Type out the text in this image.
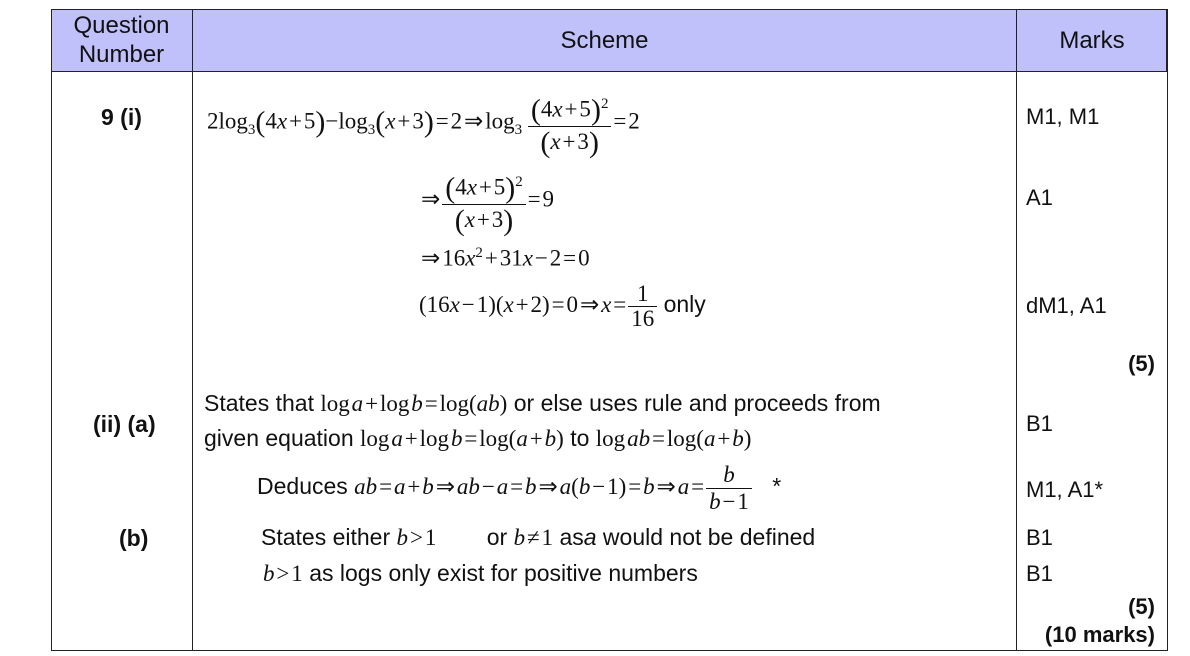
Question Number
Scheme	Marks
9 (i)
(ii) (a)
(b)
$2\log_3(4x$ + $5)-\log_3(x$ + 3) = 2 ⇒ $\log_3 \frac{(4x + 5)^2}{(x + 3)}$  = 2
⇒  $\frac{(4x + 5)^2}{(x + 3)}$  = 9
⇒ $16x^2$ + 31x − 2 = 0
(16x − 1)(x + 2) = 0 ⇒ x =  $\frac{1}{16}$ only
States that log a + log b = log(ab) or else uses rule and proceeds from
given equation log a + log b = log(a + b) to log ab = log(a + b)
Deduces ab = a + b ⇒ ab − a = b ⇒ a(b − 1) = b ⇒ a =  $\frac{b}{b - 1}$ *
States either b > 1 or b ≠ 1 asa would not be defined
b > 1 as logs only exist for positive numbers
M1, M1
A1
dM1, A1
(5)
B1
M1, A1*
B1
B1
(5)
(10 marks)
